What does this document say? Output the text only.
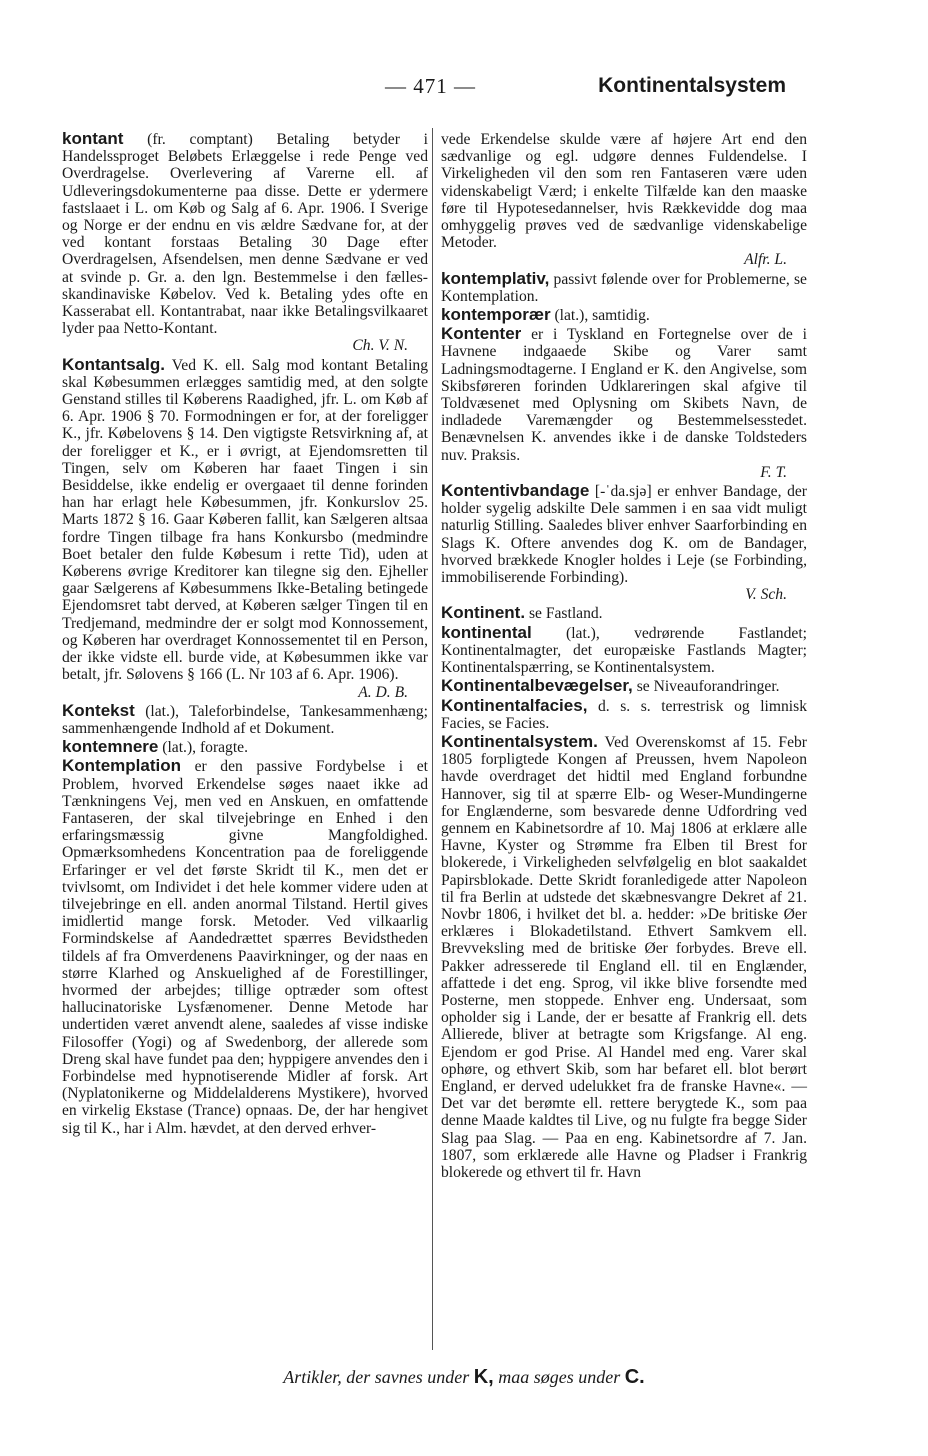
— 471 —	Kontinentalsystem
kontant (fr. comptant) Betaling betyder i Handelssproget Beløbets Erlæggelse i rede Penge ved Overdragelse. Overlevering af Varerne ell. af Udleveringsdokumenterne paa disse. Dette er ydermere fastslaaet i L. om Køb og Salg af 6. Apr. 1906. I Sverige og Norge er der endnu en vis ældre Sædvane for, at der ved kontant forstaas Betaling 30 Dage efter Overdragelsen, Afsendelsen, men denne Sædvane er ved at svinde p. Gr. a. den lgn. Bestemmelse i den fælles-skandinaviske Købelov. Ved k. Betaling ydes ofte en Kasserabat ell. Kontantrabat, naar ikke Betalingsvilkaaret lyder paa Netto-Kontant.
Ch. V. N.
Kontantsalg. Ved K. ell. Salg mod kontant Betaling skal Købesummen erlægges samtidig med, at den solgte Genstand stilles til Køberens Raadighed, jfr. L. om Køb af 6. Apr. 1906 § 70. Formodningen er for, at der foreligger K., jfr. Købelovens § 14. Den vigtigste Retsvirkning af, at der foreligger et K., er i øvrigt, at Ejendomsretten til Tingen, selv om Køberen har faaet Tingen i sin Besiddelse, ikke endelig er overgaaet til denne forinden han har erlagt hele Købesummen, jfr. Konkurslov 25. Marts 1872 § 16. Gaar Køberen fallit, kan Sælgeren altsaa fordre Tingen tilbage fra hans Konkursbo (medmindre Boet betaler den fulde Købesum i rette Tid), uden at Køberens øvrige Kreditorer kan tilegne sig den. Ejheller gaar Sælgerens af Købesummens Ikke-Betaling betingede Ejendomsret tabt derved, at Køberen sælger Tingen til en Tredjemand, medmindre der er solgt mod Konnossement, og Køberen har overdraget Konnossementet til en Person, der ikke vidste ell. burde vide, at Købesummen ikke var betalt, jfr. Sølovens § 166 (L. Nr 103 af 6. Apr. 1906).
A. D. B.
Kontekst (lat.), Taleforbindelse, Tankesammenhæng; sammenhængende Indhold af et Dokument.
kontemnere (lat.), foragte.
Kontemplation er den passive Fordybelse i et Problem, hvorved Erkendelse søges naaet ikke ad Tænkningens Vej, men ved en Anskuen, en omfattende Fantaseren, der skal tilvejebringe en Enhed i den erfaringsmæssig givne Mangfoldighed. Opmærksomhedens Koncentration paa de foreliggende Erfaringer er vel det første Skridt til K., men det er tvivlsomt, om Individet i det hele kommer videre uden at tilvejebringe en ell. anden anormal Tilstand. Hertil gives imidlertid mange forsk. Metoder. Ved vilkaarlig Formindskelse af Aandedrættet spærres Bevidstheden tildels af fra Omverdenens Paavirkninger, og der naas en større Klarhed og Anskuelighed af de Forestillinger, hvormed der arbejdes; tillige optræder som oftest hallucinatoriske Lysfænomener. Denne Metode har undertiden været anvendt alene, saaledes af visse indiske Filosoffer (Yogi) og af Swedenborg, der allerede som Dreng skal have fundet paa den; hyppigere anvendes den i Forbindelse med hypnotiserende Midler af forsk. Art (Nyplatonikerne og Middelalderens Mystikere), hvorved en virkelig Ekstase (Trance) opnaas. De, der har hengivet sig til K., har i Alm. hævdet, at den derved erhver-
vede Erkendelse skulde være af højere Art end den sædvanlige og egl. udgøre dennes Fuldendelse. I Virkeligheden vil den som ren Fantaseren være uden videnskabeligt Værd; i enkelte Tilfælde kan den maaske føre til Hypotesedannelser, hvis Rækkevidde dog maa omhyggelig prøves ved de sædvanlige videnskabelige Metoder.
Alfr. L.
kontemplativ, passivt følende over for Problemerne, se Kontemplation.
kontemporær (lat.), samtidig.
Kontenter er i Tyskland en Fortegnelse over de i Havnene indgaaede Skibe og Varer samt Ladningsmodtagerne. I England er K. den Angivelse, som Skibsføreren forinden Udklareringen skal afgive til Toldvæsenet med Oplysning om Skibets Navn, de indladede Varemængder og Bestemmelsesstedet. Benævnelsen K. anvendes ikke i de danske Toldsteders nuv. Praksis.
F. T.
Kontentivbandage [-ˈda.sjə] er enhver Bandage, der holder sygelig adskilte Dele sammen i en saa vidt muligt naturlig Stilling. Saaledes bliver enhver Saarforbinding en Slags K. Oftere anvendes dog K. om de Bandager, hvorved brækkede Knogler holdes i Leje (se Forbinding, immobiliserende Forbinding).
V. Sch.
Kontinent. se Fastland.
kontinental (lat.), vedrørende Fastlandet; Kontinentalmagter, det europæiske Fastlands Magter; Kontinentalspærring, se Kontinentalsystem.
Kontinentalbevægelser, se Niveauforandringer.
Kontinentalfacies, d. s. s. terrestrisk og limnisk Facies, se Facies.
Kontinentalsystem. Ved Overenskomst af 15. Febr 1805 forpligtede Kongen af Preussen, hvem Napoleon havde overdraget det hidtil med England forbundne Hannover, sig til at spærre Elb- og Weser-Mundingerne for Englænderne, som besvarede denne Udfordring ved gennem en Kabinetsordre af 10. Maj 1806 at erklære alle Havne, Kyster og Strømme fra Elben til Brest for blokerede, i Virkeligheden selvfølgelig en blot saakaldet Papirsblokade. Dette Skridt foranledigede atter Napoleon til fra Berlin at udstede det skæbnesvangre Dekret af 21. Novbr 1806, i hvilket det bl. a. hedder: »De britiske Øer erklæres i Blokadetilstand. Ethvert Samkvem ell. Brevveksling med de britiske Øer forbydes. Breve ell. Pakker adresserede til England ell. til en Englænder, affattede i det eng. Sprog, vil ikke blive forsendte med Posterne, men stoppede. Enhver eng. Undersaat, som opholder sig i Lande, der er besatte af Frankrig ell. dets Allierede, bliver at betragte som Krigsfange. Al eng. Ejendom er god Prise. Al Handel med eng. Varer skal ophøre, og ethvert Skib, som har befaret ell. blot berørt England, er derved udelukket fra de franske Havne«. — Det var det berømte ell. rettere berygtede K., som paa denne Maade kaldtes til Live, og nu fulgte fra begge Sider Slag paa Slag. — Paa en eng. Kabinetsordre af 7. Jan. 1807, som erklærede alle Havne og Pladser i Frankrig blokerede og ethvert til fr. Havn
Artikler, der savnes under K, maa søges under C.
